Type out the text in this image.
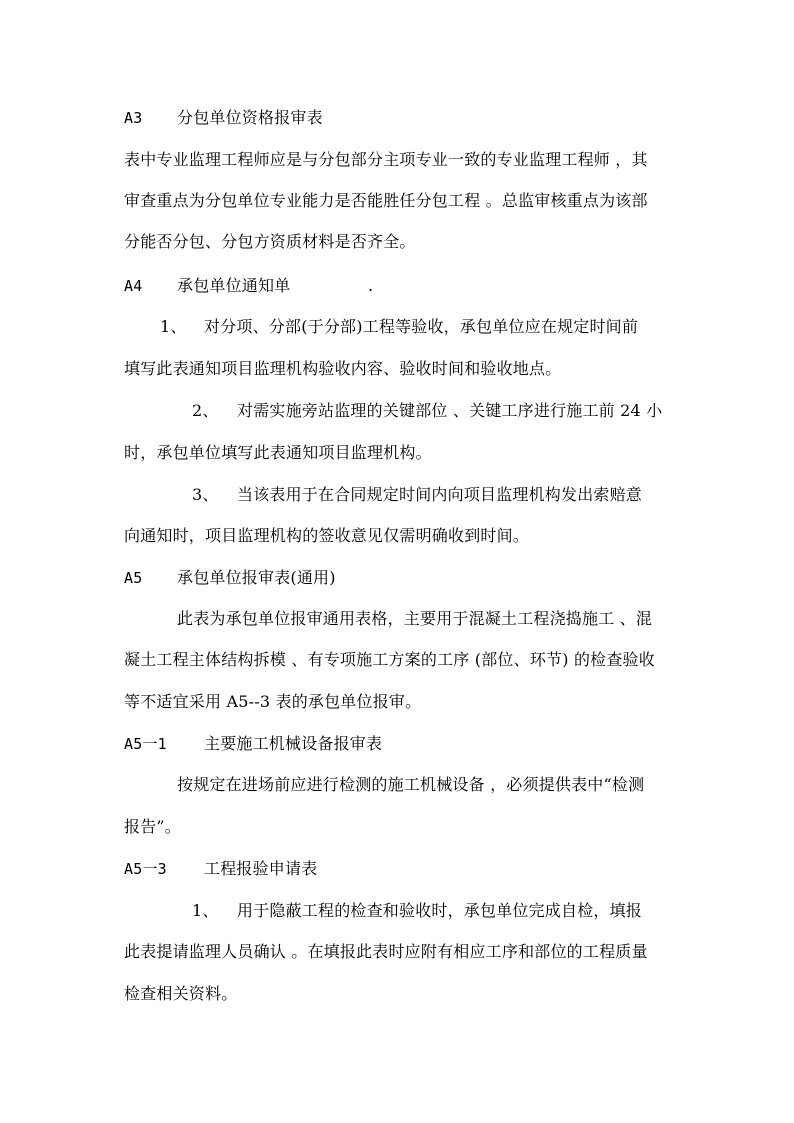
A3 分包单位资格报审表
表中专业监理工程师应是与分包部分主项专业一致的专业监理工程师 ，其
审查重点为分包单位专业能力是否能胜任分包工程 。总监审核重点为该部
分能否分包、分包方资质材料是否齐全。
A4 承包单位通知单	.
1、 对分项、分部(于分部)工程等验收，承包单位应在规定时间前
填写此表通知项目监理机构验收内容、验收时间和验收地点。
2、 对需实施旁站监理的关键部位 、关键工序进行施工前 24 小
时，承包单位填写此表通知项目监理机构。
3、 当该表用于在合同规定时间内向项目监理机构发出索赔意
向通知时，项目监理机构的签收意见仅需明确收到时间。
A5 承包单位报审表(通用)
此表为承包单位报审通用表格，主要用于混凝土工程浇捣施工 、混
凝土工程主体结构拆模 、有专项施工方案的工序 (部位、环节) 的检查验收
等不适宜采用 A5--3 表的承包单位报审。
A5一1 主要施工机械设备报审表
按规定在进场前应进行检测的施工机械设备 ，必须提供表中“检测
报告”。
A5一3 工程报验申请表
1、 用于隐蔽工程的检查和验收时，承包单位完成自检，填报
此表提请监理人员确认 。在填报此表时应附有相应工序和部位的工程质量
检查相关资料。
